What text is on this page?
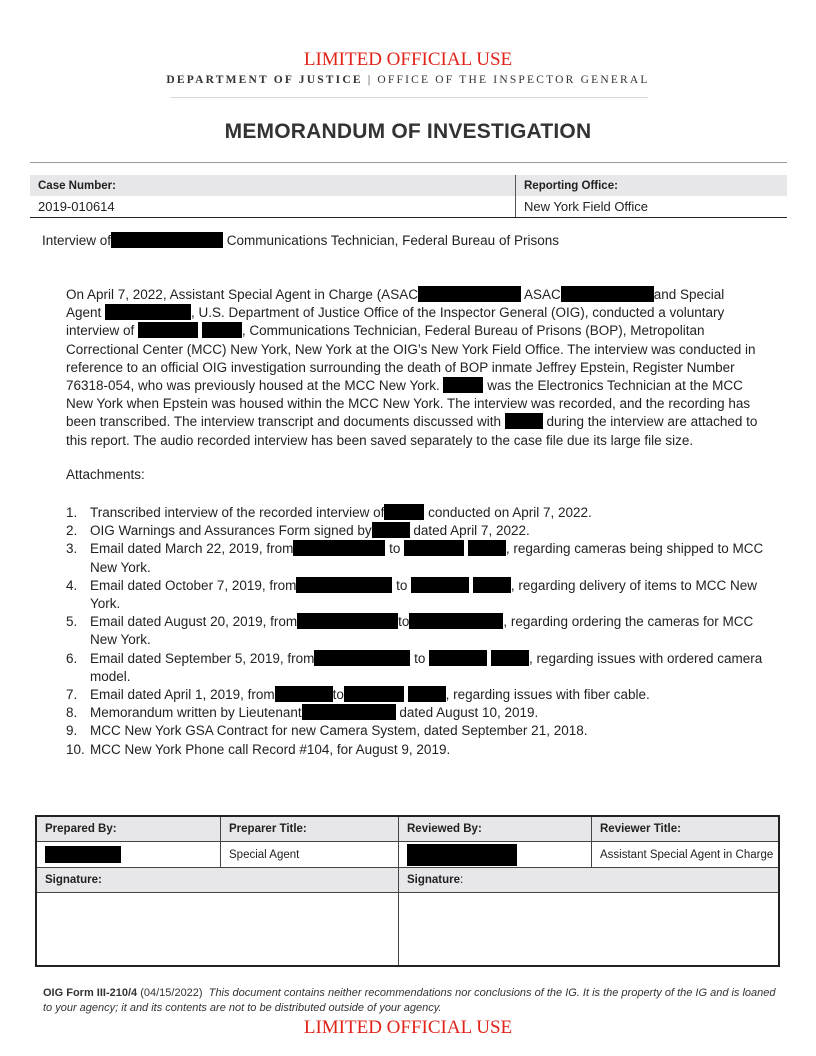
LIMITED OFFICIAL USE
DEPARTMENT OF JUSTICE | OFFICE OF THE INSPECTOR GENERAL
MEMORANDUM OF INVESTIGATION
Case Number:	Reporting Office:
2019-010614	New York Field Office
Interview of	Communications Technician, Federal Bureau of Prisons
On April 7, 2022, Assistant Special Agent in Charge (ASAC	ASAC	and Special Agent	, U.S. Department of Justice Office of the Inspector General (OIG), conducted a voluntary interview of	, Communications Technician, Federal Bureau of Prisons (BOP), Metropolitan Correctional Center (MCC) New York, New York at the OIG’s New York Field Office. The interview was conducted in reference to an official OIG investigation surrounding the death of BOP inmate Jeffrey Epstein, Register Number 76318-054, who was previously housed at the MCC New York.	was the Electronics Technician at the MCC New York when Epstein was housed within the MCC New York. The interview was recorded, and the recording has been transcribed. The interview transcript and documents discussed with	during the interview are attached to this report. The audio recorded interview has been saved separately to the case file due its large file size.
Attachments:
1. Transcribed interview of the recorded interview of	conducted on April 7, 2022.
2. OIG Warnings and Assurances Form signed by	dated April 7, 2022.
3. Email dated March 22, 2019, from	to	, regarding cameras being shipped to MCC New York.
4. Email dated October 7, 2019, from	to	, regarding delivery of items to MCC New York.
5. Email dated August 20, 2019, from	to	, regarding ordering the cameras for MCC New York.
6. Email dated September 5, 2019, from	to	, regarding issues with ordered camera model.
7. Email dated April 1, 2019, from	to	, regarding issues with fiber cable.
8. Memorandum written by Lieutenant	dated August 10, 2019.
9. MCC New York GSA Contract for new Camera System, dated September 21, 2018.
10. MCC New York Phone call Record #104, for August 9, 2019.
Prepared By:	Preparer Title:	Reviewed By:	Reviewer Title:
	Special Agent		Assistant Special Agent in Charge
Signature:		Signature:	

OIG Form III-210/4 (04/15/2022) This document contains neither recommendations nor conclusions of the IG. It is the property of the IG and is loaned to your agency; it and its contents are not to be distributed outside of your agency.
LIMITED OFFICIAL USE
